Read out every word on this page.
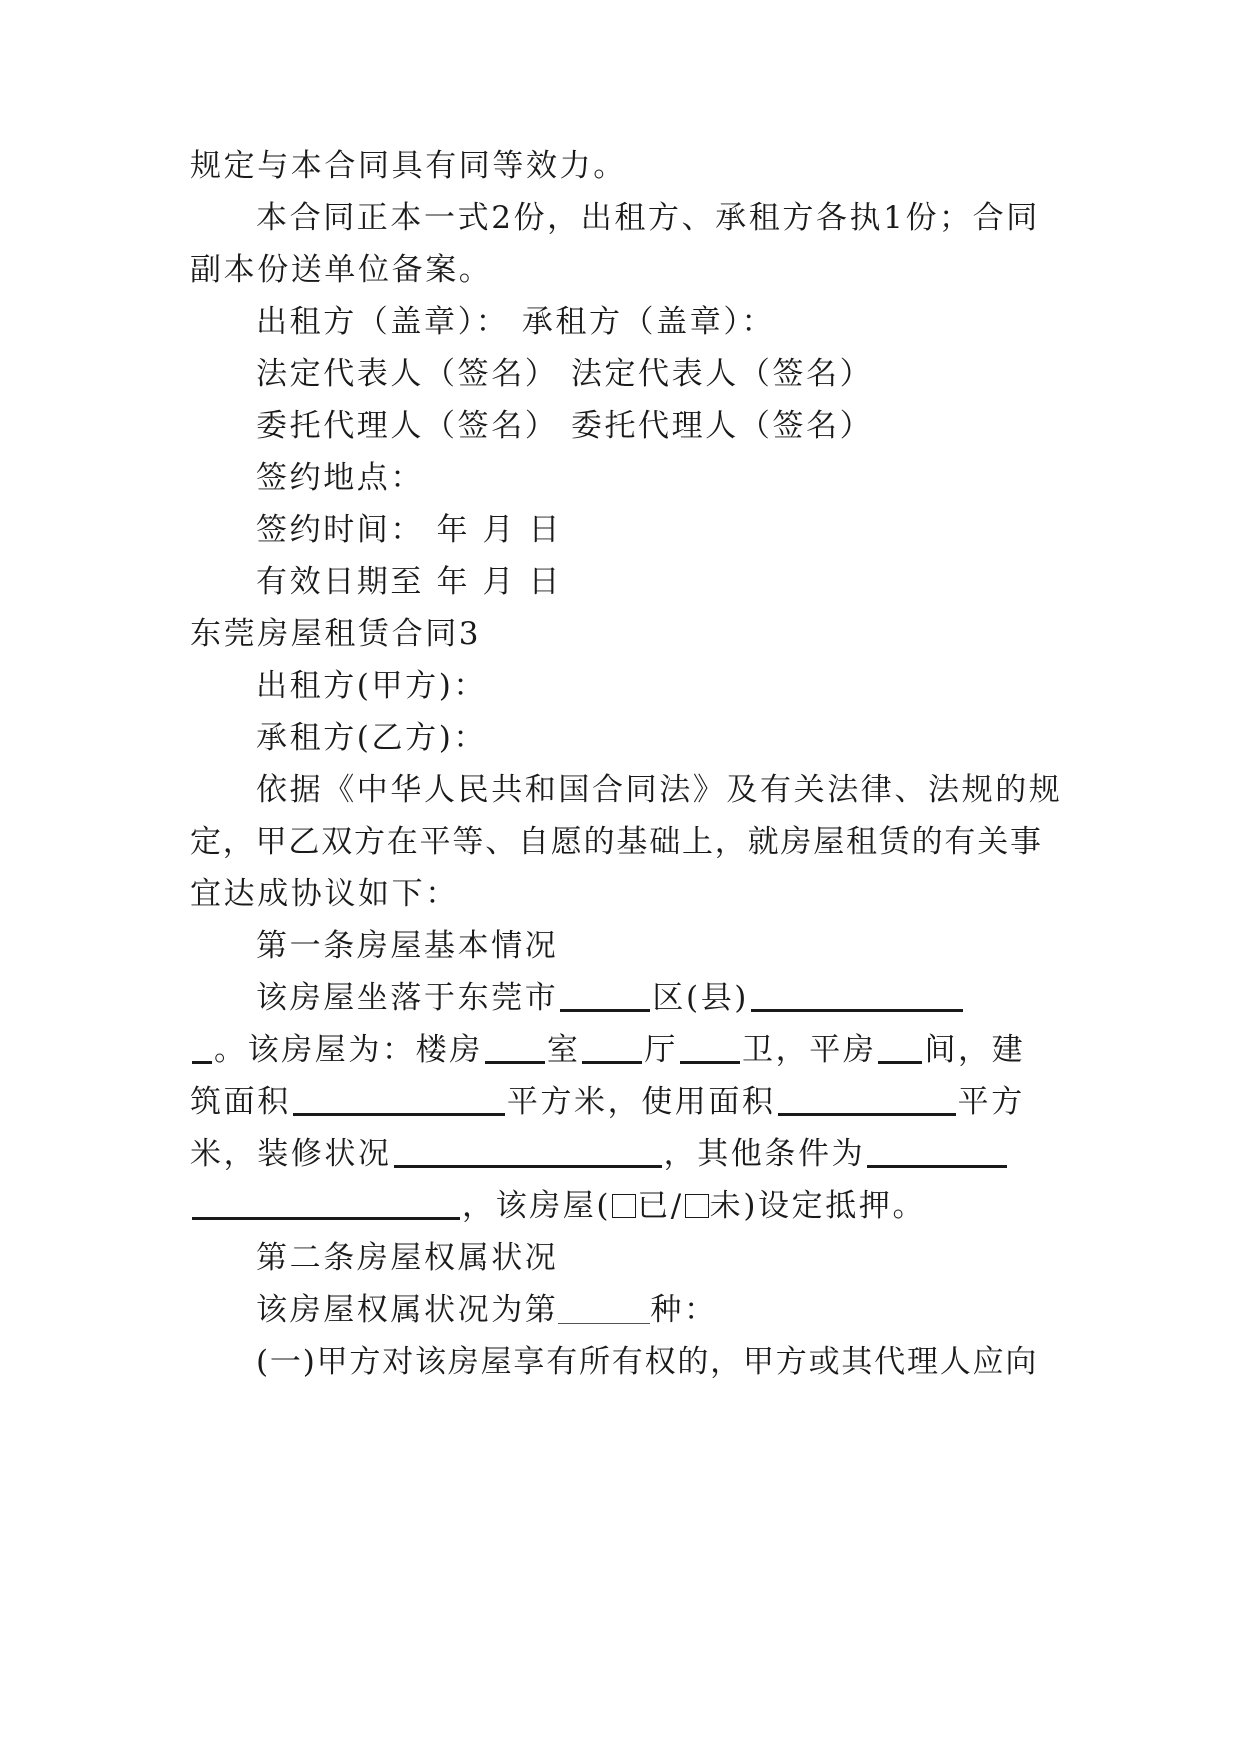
规定与本合同具有同等效力。
本合同正本一式2份，出租方、承租方各执1份；合同
副本份送单位备案。
出租方（盖章）： 承租方（盖章）：
法定代表人（签名） 法定代表人（签名）
委托代理人（签名） 委托代理人（签名）
签约地点：
签约时间： 年 月 日
有效日期至 年 月 日
东莞房屋租赁合同3
出租方(甲方)：
承租方(乙方)：
依据《中华人民共和国合同法》及有关法律、法规的规
定，甲乙双方在平等、自愿的基础上，就房屋租赁的有关事
宜达成协议如下：
第一条房屋基本情况
该房屋坐落于东莞市	区(县)
。该房屋为：楼房 室 厅 卫，平房 间，建
筑面积	平方米，使用面积	平方
米，装修状况	，其他条件为
，该房屋( 已/ 未)设定抵押。
第二条房屋权属状况
该房屋权属状况为第	种：
(一)甲方对该房屋享有所有权的，甲方或其代理人应向
